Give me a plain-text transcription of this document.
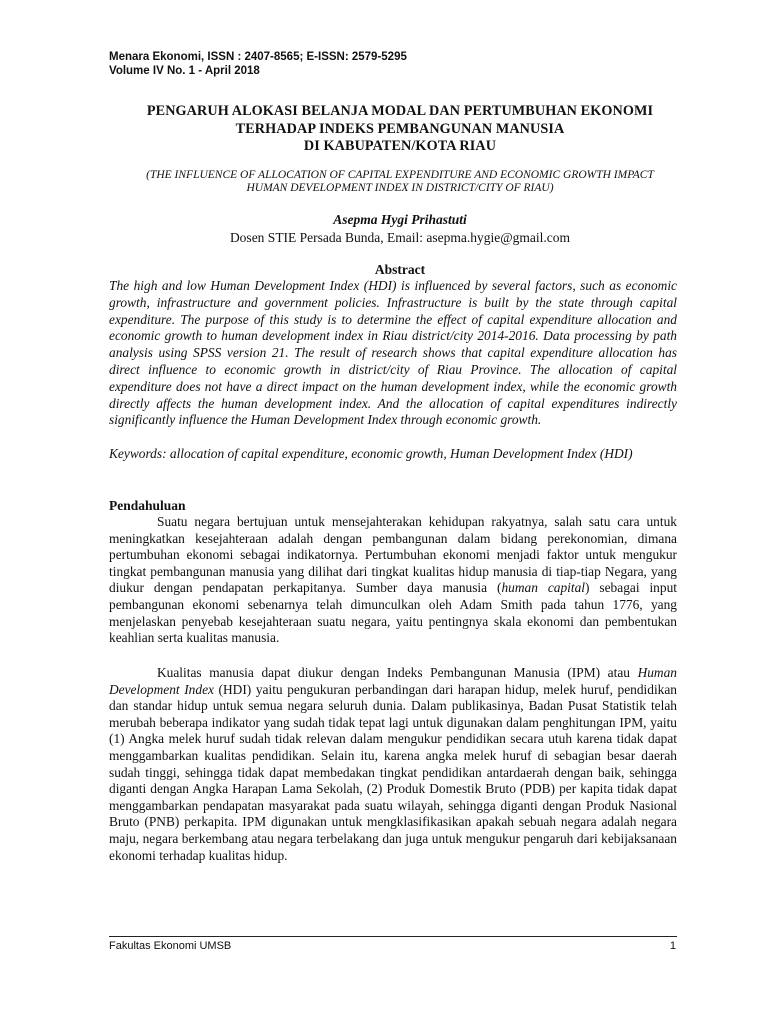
Menara Ekonomi, ISSN : 2407-8565; E-ISSN: 2579-5295
Volume IV No. 1 - April 2018
PENGARUH ALOKASI BELANJA MODAL DAN PERTUMBUHAN EKONOMI
TERHADAP INDEKS PEMBANGUNAN MANUSIA
DI KABUPATEN/KOTA RIAU
(THE INFLUENCE OF ALLOCATION OF CAPITAL EXPENDITURE AND ECONOMIC GROWTH IMPACT
HUMAN DEVELOPMENT INDEX IN DISTRICT/CITY OF RIAU)
Asepma Hygi Prihastuti
Dosen STIE Persada Bunda, Email: asepma.hygie@gmail.com
Abstract
The high and low Human Development Index (HDI) is influenced by several factors, such as economic growth, infrastructure and government policies. Infrastructure is built by the state through capital expenditure. The purpose of this study is to determine the effect of capital expenditure allocation and economic growth to human development index in Riau district/city 2014-2016. Data processing by path analysis using SPSS version 21. The result of research shows that capital expenditure allocation has direct influence to economic growth in district/city of Riau Province. The allocation of capital expenditure does not have a direct impact on the human development index, while the economic growth directly affects the human development index. And the allocation of capital expenditures indirectly significantly influence the Human Development Index through economic growth.
Keywords: allocation of capital expenditure, economic growth, Human Development Index (HDI)
Pendahuluan

Suatu negara bertujuan untuk mensejahterakan kehidupan rakyatnya, salah satu cara untuk meningkatkan kesejahteraan adalah dengan pembangunan dalam bidang perekonomian, dimana pertumbuhan ekonomi sebagai indikatornya. Pertumbuhan ekonomi menjadi faktor untuk mengukur tingkat pembangunan manusia yang dilihat dari tingkat kualitas hidup manusia di tiap-tiap Negara, yang diukur dengan pendapatan perkapitanya. Sumber daya manusia (human capital) sebagai input pembangunan ekonomi sebenarnya telah dimunculkan oleh Adam Smith pada tahun 1776, yang menjelaskan penyebab kesejahteraan suatu negara, yaitu pentingnya skala ekonomi dan pembentukan keahlian serta kualitas manusia.

Kualitas manusia dapat diukur dengan Indeks Pembangunan Manusia (IPM) atau Human Development Index (HDI) yaitu pengukuran perbandingan dari harapan hidup, melek huruf, pendidikan dan standar hidup untuk semua negara seluruh dunia. Dalam publikasinya, Badan Pusat Statistik telah merubah beberapa indikator yang sudah tidak tepat lagi untuk digunakan dalam penghitungan IPM, yaitu (1) Angka melek huruf sudah tidak relevan dalam mengukur pendidikan secara utuh karena tidak dapat menggambarkan kualitas pendidikan. Selain itu, karena angka melek huruf di sebagian besar daerah sudah tinggi, sehingga tidak dapat membedakan tingkat pendidikan antardaerah dengan baik, sehingga diganti dengan Angka Harapan Lama Sekolah, (2) Produk Domestik Bruto (PDB) per kapita tidak dapat menggambarkan pendapatan masyarakat pada suatu wilayah, sehingga diganti dengan Produk Nasional Bruto (PNB) perkapita. IPM digunakan untuk mengklasifikasikan apakah sebuah negara adalah negara maju, negara berkembang atau negara terbelakang dan juga untuk mengukur pengaruh dari kebijaksanaan ekonomi terhadap kualitas hidup.

Fakultas Ekonomi UMSB	1
